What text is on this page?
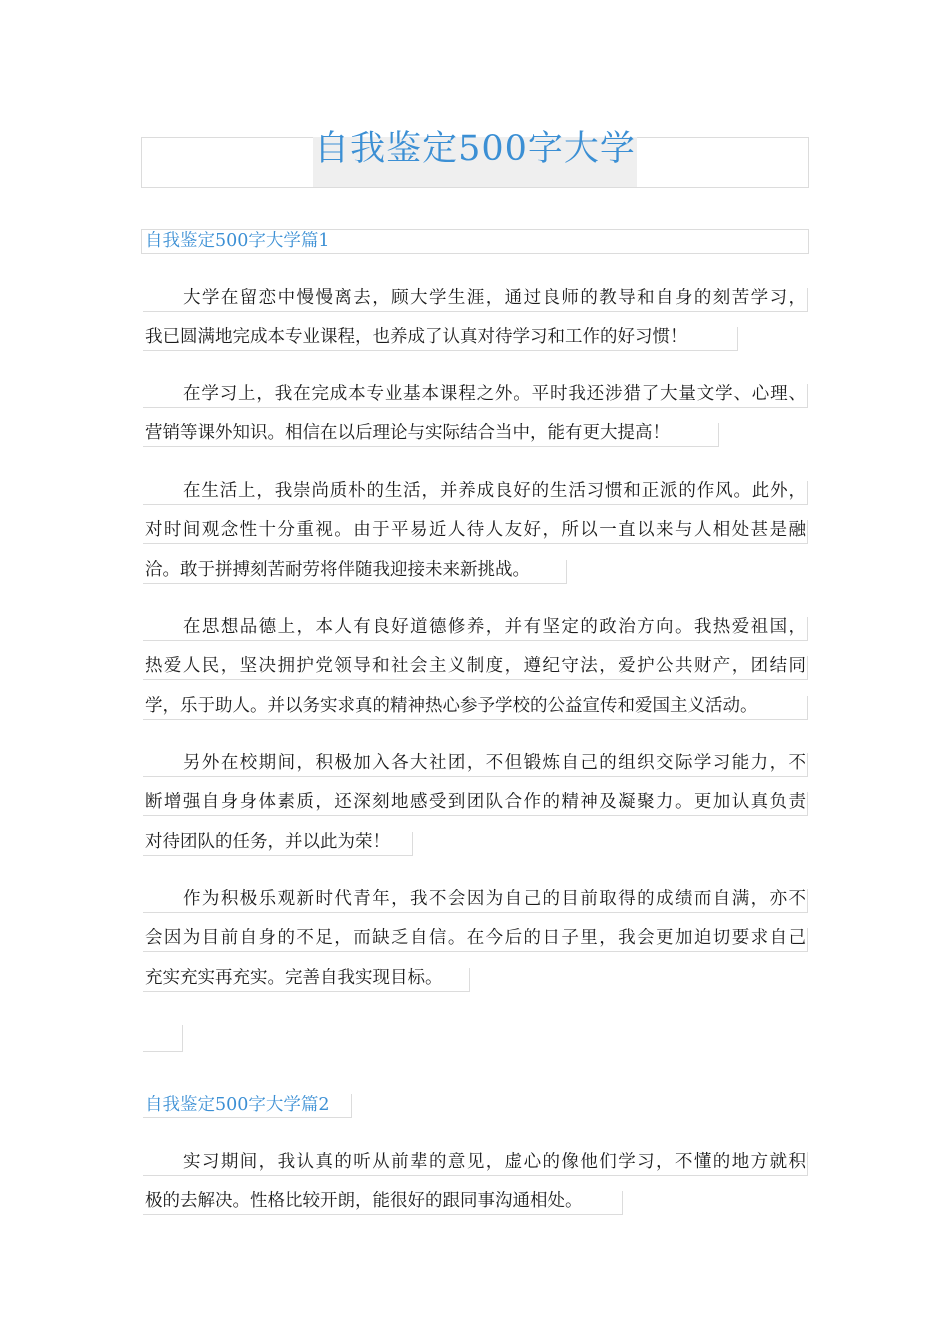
自我鉴定500字大学
自我鉴定500字大学篇1
大学在留恋中慢慢离去，顾大学生涯，通过良师的教导和自身的刻苦学习，
我已圆满地完成本专业课程，也养成了认真对待学习和工作的好习惯！
在学习上，我在完成本专业基本课程之外。平时我还涉猎了大量文学、心理、
营销等课外知识。相信在以后理论与实际结合当中，能有更大提高！
在生活上，我崇尚质朴的生活，并养成良好的生活习惯和正派的作风。此外，
对时间观念性十分重视。由于平易近人待人友好，所以一直以来与人相处甚是融
洽。敢于拼搏刻苦耐劳将伴随我迎接未来新挑战。
在思想品德上，本人有良好道德修养，并有坚定的政治方向。我热爱祖国，
热爱人民，坚决拥护党领导和社会主义制度，遵纪守法，爱护公共财产，团结同
学，乐于助人。并以务实求真的精神热心参予学校的公益宣传和爱国主义活动。
另外在校期间，积极加入各大社团，不但锻炼自己的组织交际学习能力，不
断增强自身身体素质，还深刻地感受到团队合作的精神及凝聚力。更加认真负责
对待团队的任务，并以此为荣！
作为积极乐观新时代青年，我不会因为自己的目前取得的成绩而自满，亦不
会因为目前自身的不足，而缺乏自信。在今后的日子里，我会更加迫切要求自己
充实充实再充实。完善自我实现目标。
自我鉴定500字大学篇2
实习期间，我认真的听从前辈的意见，虚心的像他们学习，不懂的地方就积
极的去解决。性格比较开朗，能很好的跟同事沟通相处。
